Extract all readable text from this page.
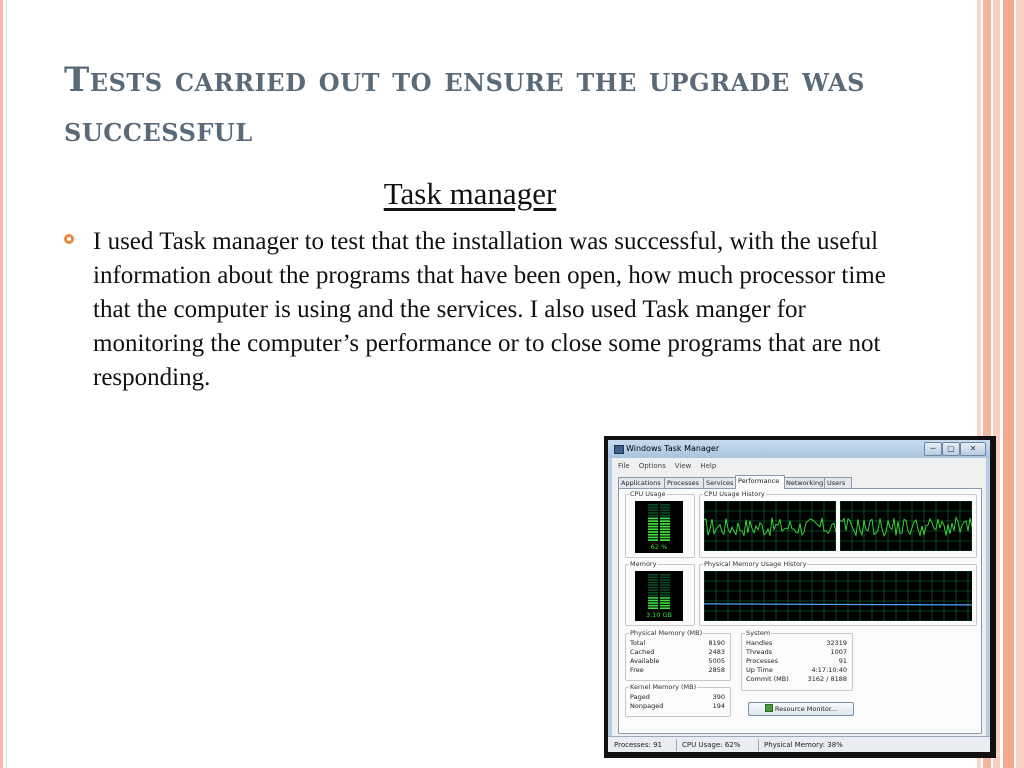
Tests carried out to ensure the upgrade was successful
Task manager
I used Task manager to test that the installation was successful, with the useful information about the programs that have been open, how much processor time that the computer is using and the services. I also used Task manger for monitoring the computer’s performance or to close some programs that are not responding.
Windows Task Manager	─	▢	✕
File Options View Help
Applications Processes	Services Performance	Networking Users
CPU Usage
62 %
CPU Usage History
Memory
3.10 GB
Physical Memory Usage History
Physical Memory (MB)
Total	8190
Cached	2483
Available	5005
Free	2858
Kernel Memory (MB)
Paged	390
Nonpaged	194
System
Handles	32319
Threads	1007
Processes	91
Up Time	4:17:10:40
Commit (MB)	3162 / 8188
Resource Monitor...
Processes: 91	CPU Usage: 62%	Physical Memory: 38%
